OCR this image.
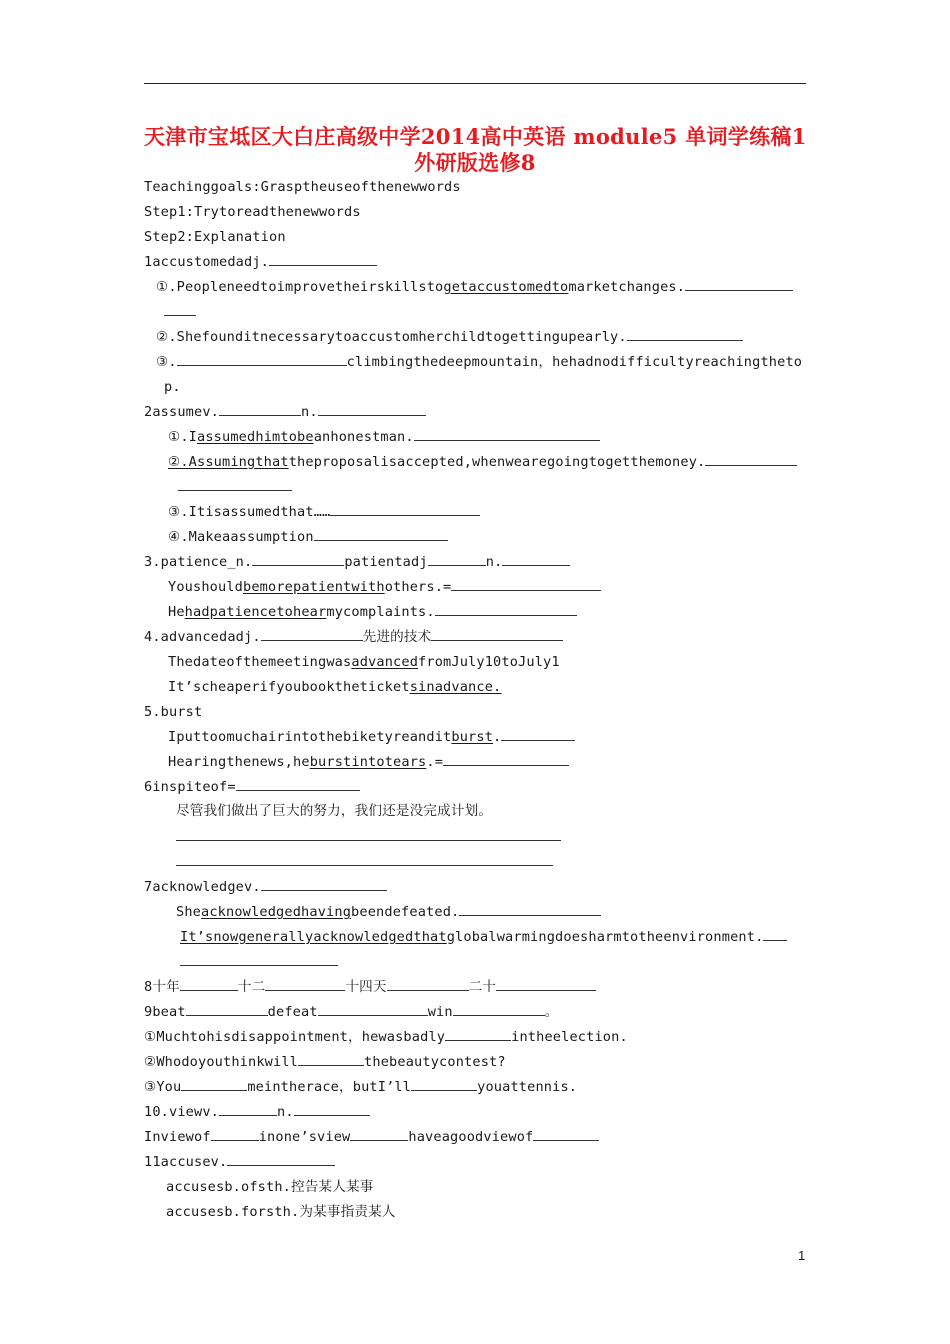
天津市宝坻区大白庄高级中学2014高中英语 module5 单词学练稿1
外研版选修8
Teachinggoals:Grasptheuseofthenewwords
Step1:Trytoreadthenewwords
Step2:Explanation
1accustomedadj.
①.Peopleneedtoimprovetheirskillstogetaccustomedtomarketchanges.
②.Shefounditnecessarytoaccustomherchildtogettingupearly.
③.	climbingthedeepmountain，hehadnodifficultyreachingtheto
p.
2assumev.	n.
①.Iassumedhimtobeanhonestman.
②.Assumingthattheproposalisaccepted,whenwearegoingtogetthemoney.
③.Itisassumedthat……
④.Makeaassumption
3.patience_n.	patientadj	n.
Youshouldbemorepatientwithothers.=
Hehadpatiencetohearmycomplaints.
4.advancedadj.	先进的技术
ThedateofthemeetingwasadvancedfromJuly10toJuly1
It’scheaperifyoubooktheticketsinadvance.
5.burst
Iputtoomuchairintothebiketyreanditburst.
Hearingthenews,heburstintotears.=
6inspiteof=
尽管我们做出了巨大的努力，我们还是没完成计划。
7acknowledgev.
Sheacknowledgedhavingbeendefeated.
It’snowgenerallyacknowledgedthatglobalwarmingdoesharmtotheenvironment.
8十年	十二	十四天	二十
9beat	defeat	win	。
①Muchtohisdisappointment，hewasbadly	intheelection.
②Whodoyouthinkwill	thebeautycontest?
③You	meintherace，butI’ll	youattennis.
10.viewv.	n.
Inviewof	inone’sview	haveagoodviewof
11accusev.
accusesb.ofsth.控告某人某事
accusesb.forsth.为某事指责某人
1
